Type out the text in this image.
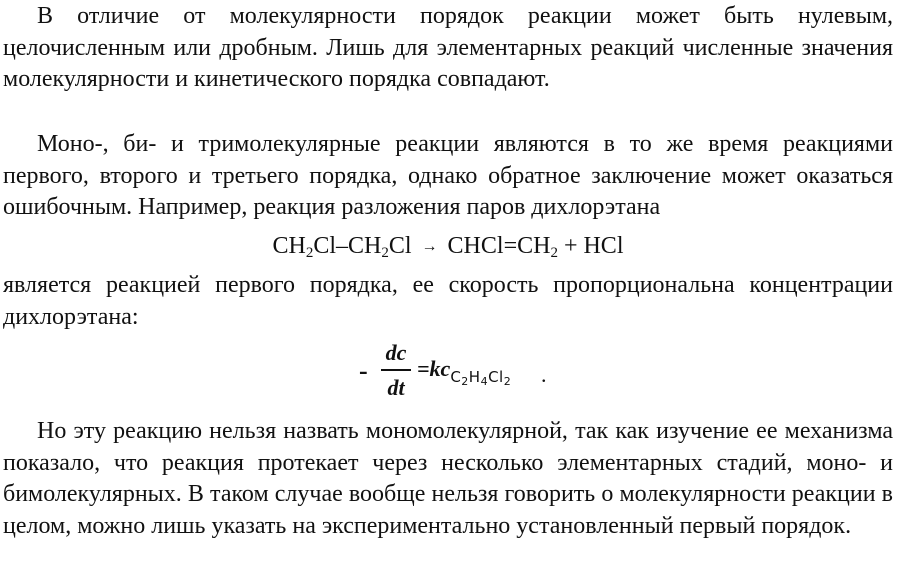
В отличие от молекулярности порядок реакции может быть нулевым, целочисленным или дробным. Лишь для элементарных реакций численные значения молекулярности и кинетического порядка совпадают.

Моно-, би- и тримолекулярные реакции являются в то же время реакциями первого, второго и третьего порядка, однако обратное заключение может оказаться ошибочным. Например, реакция разложения паров дихлорэтана

$CH_2Cl-CH_2Cl$ → $CHCl=CH_2$ + HCl

является реакцией первого порядка, ее скорость пропорциональна концентрации дихлорэтана:

-
dc
dt
$=kc_{C_2H_4Cl_2}$ .

Но эту реакцию нельзя назвать мономолекулярной, так как изучение ее механизма показало, что реакция протекает через несколько элементарных стадий, моно- и бимолекулярных. В таком случае вообще нельзя говорить о молекулярности реакции в целом, можно лишь указать на экспериментально установленный первый порядок.
